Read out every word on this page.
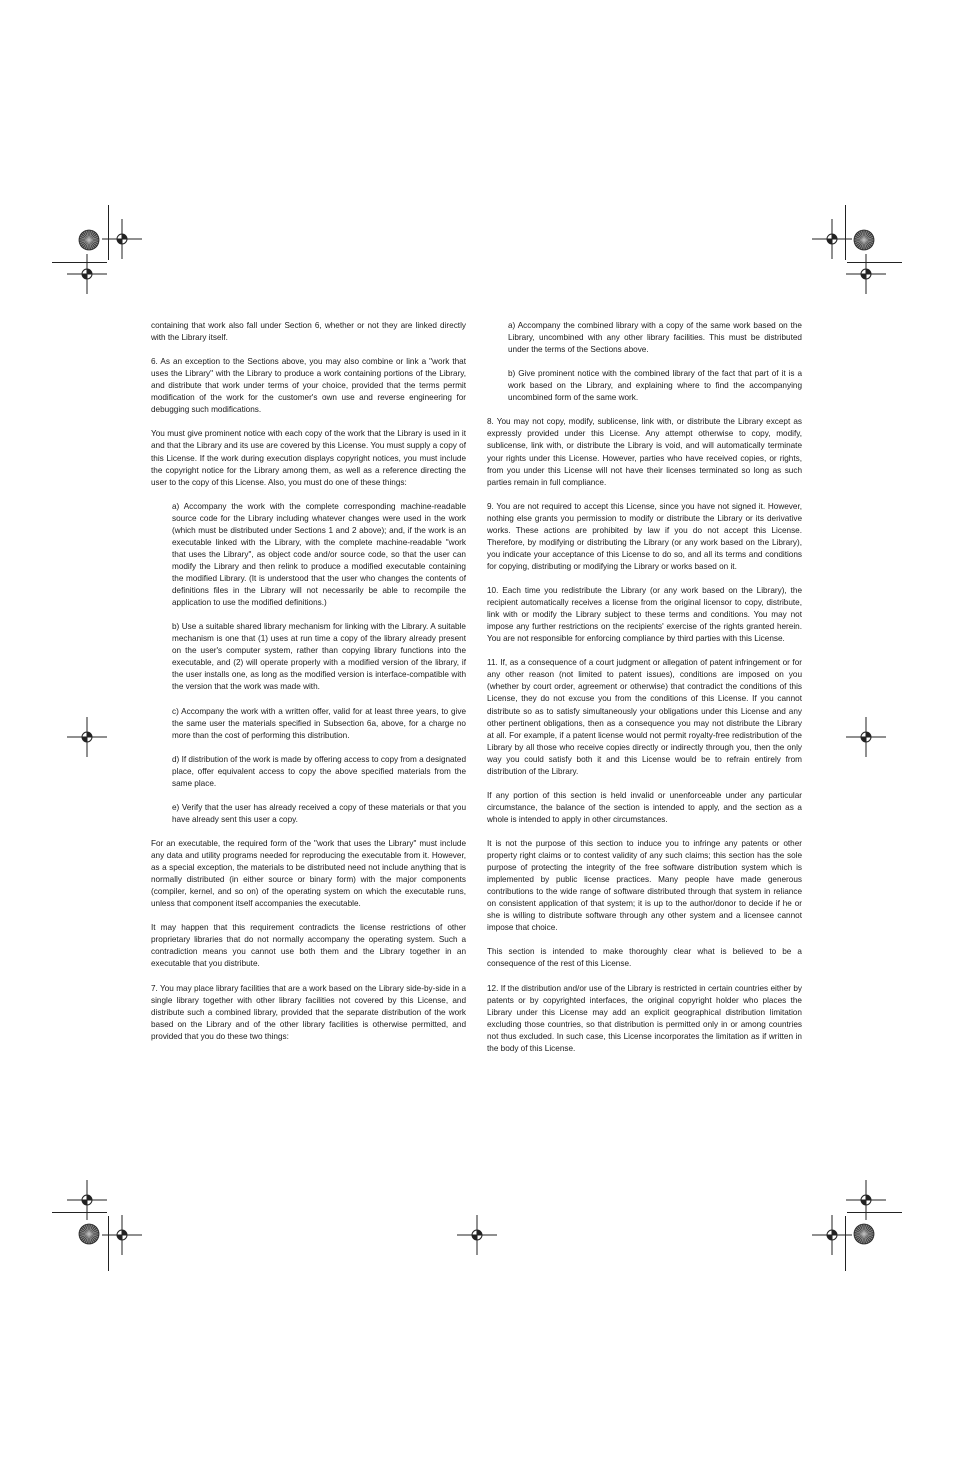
containing that work also fall under Section 6, whether or not they are linked directly with the Library itself.

6. As an exception to the Sections above, you may also combine or link a "work that uses the Library" with the Library to produce a work containing portions of the Library, and distribute that work under terms of your choice, provided that the terms permit modification of the work for the customer's own use and reverse engineering for debugging such modifications.

You must give prominent notice with each copy of the work that the Library is used in it and that the Library and its use are covered by this License. You must supply a copy of this License. If the work during execution displays copyright notices, you must include the copyright notice for the Library among them, as well as a reference directing the user to the copy of this License. Also, you must do one of these things:

a) Accompany the work with the complete corresponding machine-readable source code for the Library including whatever changes were used in the work (which must be distributed under Sections 1 and 2 above); and, if the work is an executable linked with the Library, with the complete machine-readable "work that uses the Library", as object code and/or source code, so that the user can modify the Library and then relink to produce a modified executable containing the modified Library. (It is understood that the user who changes the contents of definitions files in the Library will not necessarily be able to recompile the application to use the modified definitions.)

b) Use a suitable shared library mechanism for linking with the Library. A suitable mechanism is one that (1) uses at run time a copy of the library already present on the user's computer system, rather than copying library functions into the executable, and (2) will operate properly with a modified version of the library, if the user installs one, as long as the modified version is interface-compatible with the version that the work was made with.

c) Accompany the work with a written offer, valid for at least three years, to give the same user the materials specified in Subsection 6a, above, for a charge no more than the cost of performing this distribution.

d) If distribution of the work is made by offering access to copy from a designated place, offer equivalent access to copy the above specified materials from the same place.

e) Verify that the user has already received a copy of these materials or that you have already sent this user a copy.

For an executable, the required form of the "work that uses the Library" must include any data and utility programs needed for reproducing the executable from it. However, as a special exception, the materials to be distributed need not include anything that is normally distributed (in either source or binary form) with the major components (compiler, kernel, and so on) of the operating system on which the executable runs, unless that component itself accompanies the executable.

It may happen that this requirement contradicts the license restrictions of other proprietary libraries that do not normally accompany the operating system. Such a contradiction means you cannot use both them and the Library together in an executable that you distribute.

7. You may place library facilities that are a work based on the Library side-by-side in a single library together with other library facilities not covered by this License, and distribute such a combined library, provided that the separate distribution of the work based on the Library and of the other library facilities is otherwise permitted, and provided that you do these two things:

a) Accompany the combined library with a copy of the same work based on the Library, uncombined with any other library facilities. This must be distributed under the terms of the Sections above.

b) Give prominent notice with the combined library of the fact that part of it is a work based on the Library, and explaining where to find the accompanying uncombined form of the same work.

8. You may not copy, modify, sublicense, link with, or distribute the Library except as expressly provided under this License. Any attempt otherwise to copy, modify, sublicense, link with, or distribute the Library is void, and will automatically terminate your rights under this License. However, parties who have received copies, or rights, from you under this License will not have their licenses terminated so long as such parties remain in full compliance.

9. You are not required to accept this License, since you have not signed it. However, nothing else grants you permission to modify or distribute the Library or its derivative works. These actions are prohibited by law if you do not accept this License. Therefore, by modifying or distributing the Library (or any work based on the Library), you indicate your acceptance of this License to do so, and all its terms and conditions for copying, distributing or modifying the Library or works based on it.

10. Each time you redistribute the Library (or any work based on the Library), the recipient automatically receives a license from the original licensor to copy, distribute, link with or modify the Library subject to these terms and conditions. You may not impose any further restrictions on the recipients' exercise of the rights granted herein. You are not responsible for enforcing compliance by third parties with this License.

11. If, as a consequence of a court judgment or allegation of patent infringement or for any other reason (not limited to patent issues), conditions are imposed on you (whether by court order, agreement or otherwise) that contradict the conditions of this License, they do not excuse you from the conditions of this License. If you cannot distribute so as to satisfy simultaneously your obligations under this License and any other pertinent obligations, then as a consequence you may not distribute the Library at all. For example, if a patent license would not permit royalty-free redistribution of the Library by all those who receive copies directly or indirectly through you, then the only way you could satisfy both it and this License would be to refrain entirely from distribution of the Library.

If any portion of this section is held invalid or unenforceable under any particular circumstance, the balance of the section is intended to apply, and the section as a whole is intended to apply in other circumstances.

It is not the purpose of this section to induce you to infringe any patents or other property right claims or to contest validity of any such claims; this section has the sole purpose of protecting the integrity of the free software distribution system which is implemented by public license practices. Many people have made generous contributions to the wide range of software distributed through that system in reliance on consistent application of that system; it is up to the author/donor to decide if he or she is willing to distribute software through any other system and a licensee cannot impose that choice.

This section is intended to make thoroughly clear what is believed to be a consequence of the rest of this License.

12. If the distribution and/or use of the Library is restricted in certain countries either by patents or by copyrighted interfaces, the original copyright holder who places the Library under this License may add an explicit geographical distribution limitation excluding those countries, so that distribution is permitted only in or among countries not thus excluded. In such case, this License incorporates the limitation as if written in the body of this License.
